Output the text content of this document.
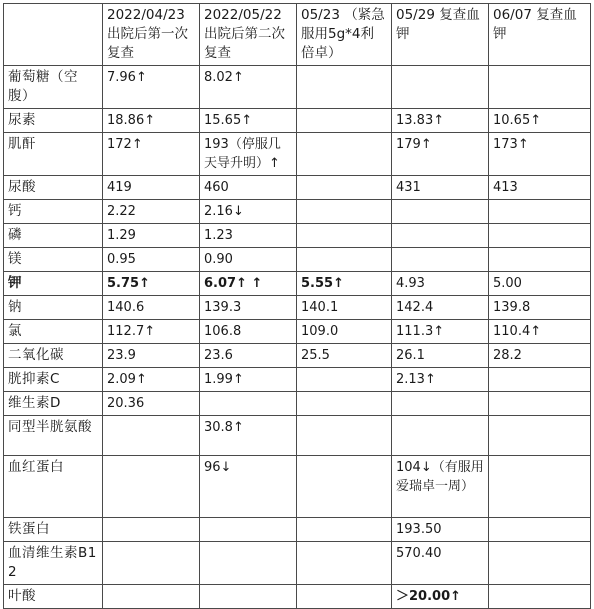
	2022/04/23 出院后第一次复查	2022/05/22 出院后第二次复查	05/23 （紧急服用5g*4利倍卓）	05/29 复查血钾	06/07 复查血钾
葡萄糖（空腹）	7.96↑	8.02↑			
尿素	18.86↑	15.65↑		13.83↑	10.65↑
肌酐	172↑	193（停服几天导升明）↑		179↑	173↑
尿酸	419	460		431	413
钙	2.22	2.16↓			
磷	1.29	1.23			
镁	0.95	0.90			
钾	5.75↑	6.07↑ ↑	5.55↑	4.93	5.00
钠	140.6	139.3	140.1	142.4	139.8
氯	112.7↑	106.8	109.0	111.3↑	110.4↑
二氧化碳	23.9	23.6	25.5	26.1	28.2
胱抑素C	2.09↑	1.99↑		2.13↑	
维生素D	20.36				
同型半胱氨酸		30.8↑			
血红蛋白		96↓		104↓（有服用爱瑞卓一周）	
铁蛋白				193.50	
血清维生素B12				570.40	
叶酸				＞20.00↑	
